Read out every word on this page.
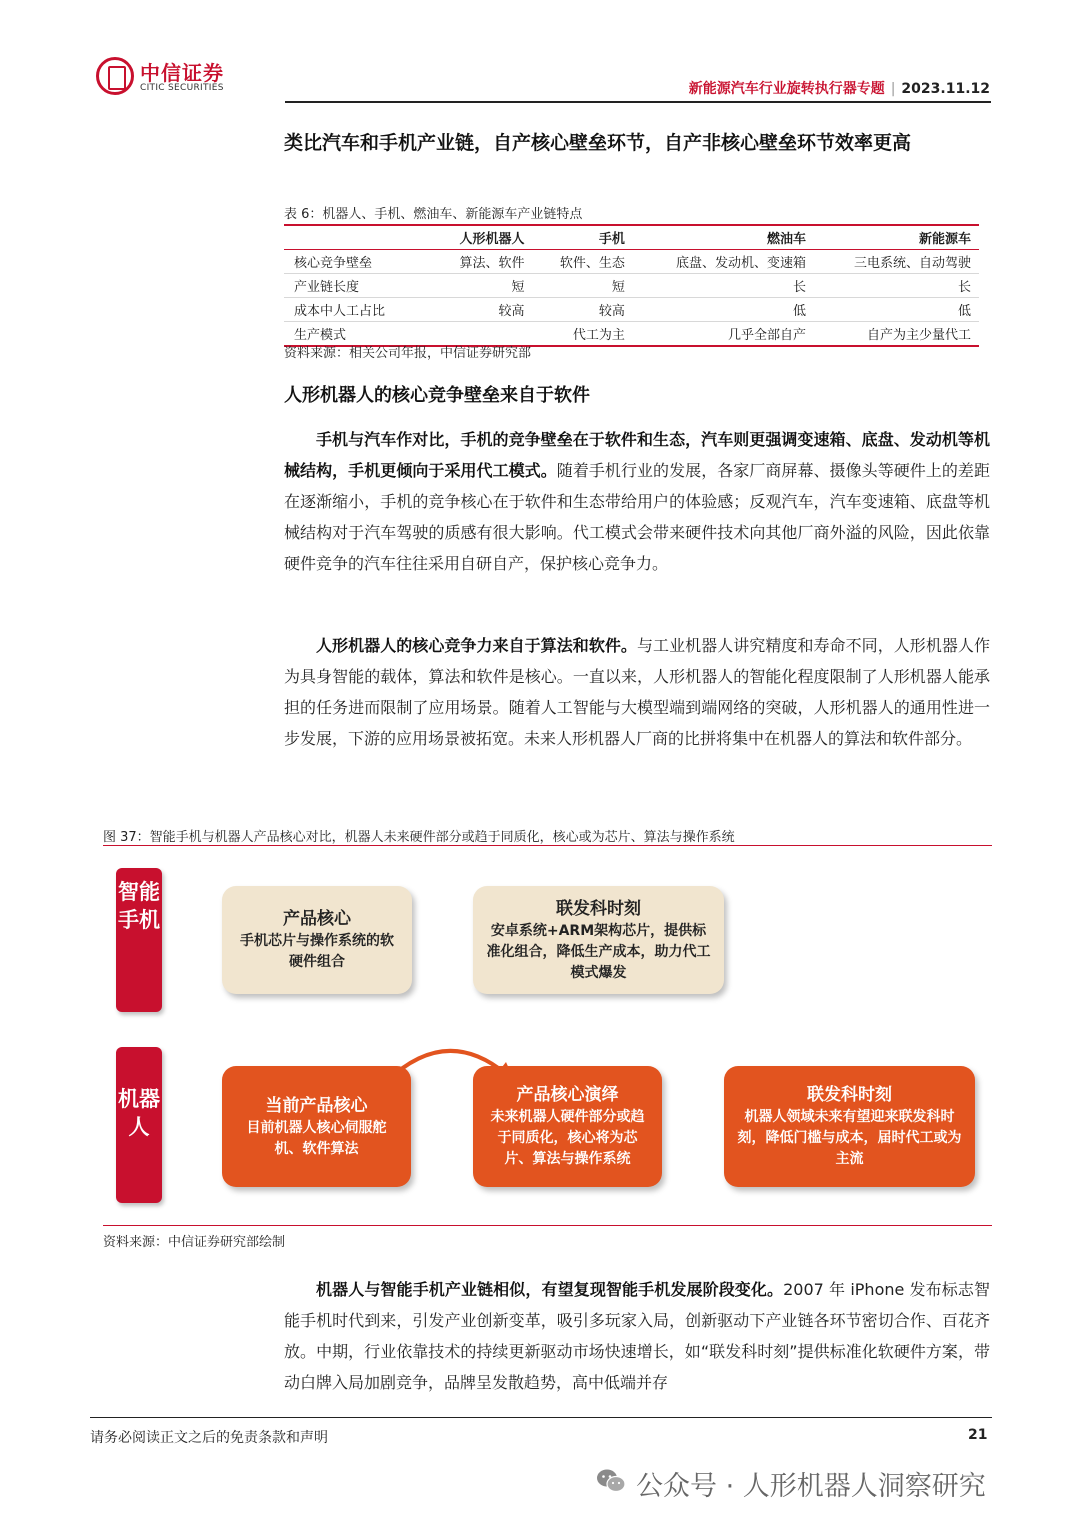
中信证券
CITIC SECURITIES	新能源汽车行业旋转执行器专题 | 2023.11.12
类比汽车和手机产业链，自产核心壁垒环节，自产非核心壁垒环节效率更高
表 6：机器人、手机、燃油车、新能源车产业链特点
	人形机器人	手机	燃油车	新能源车
核心竞争壁垒	算法、软件	软件、生态	底盘、发动机、变速箱	三电系统、自动驾驶
产业链长度	短	短	长	长
成本中人工占比	较高	较高	低	低
生产模式		代工为主	几乎全部自产	自产为主少量代工
资料来源：相关公司年报，中信证券研究部
人形机器人的核心竞争壁垒来自于软件
手机与汽车作对比，手机的竞争壁垒在于软件和生态，汽车则更强调变速箱、底盘、发动机等机械结构，手机更倾向于采用代工模式。随着手机行业的发展，各家厂商屏幕、摄像头等硬件上的差距在逐渐缩小，手机的竞争核心在于软件和生态带给用户的体验感；反观汽车，汽车变速箱、底盘等机械结构对于汽车驾驶的质感有很大影响。代工模式会带来硬件技术向其他厂商外溢的风险，因此依靠硬件竞争的汽车往往采用自研自产，保护核心竞争力。
人形机器人的核心竞争力来自于算法和软件。与工业机器人讲究精度和寿命不同，人形机器人作为具身智能的载体，算法和软件是核心。一直以来，人形机器人的智能化程度限制了人形机器人能承担的任务进而限制了应用场景。随着人工智能与大模型端到端网络的突破，人形机器人的通用性进一步发展，下游的应用场景被拓宽。未来人形机器人厂商的比拼将集中在机器人的算法和软件部分。
图 37：智能手机与机器人产品核心对比，机器人未来硬件部分或趋于同质化，核心或为芯片、算法与操作系统
智能手机
机器人
产品核心
手机芯片与操作系统的软硬件组合
联发科时刻
安卓系统+ARM架构芯片，提供标准化组合，降低生产成本，助力代工模式爆发
当前产品核心
目前机器人核心伺服舵机、软件算法
产品核心演绎
未来机器人硬件部分或趋于同质化，核心将为芯片、算法与操作系统
联发科时刻
机器人领域未来有望迎来联发科时刻，降低门槛与成本，届时代工或为主流
资料来源：中信证券研究部绘制
机器人与智能手机产业链相似，有望复现智能手机发展阶段变化。2007 年 iPhone 发布标志智能手机时代到来，引发产业创新变革，吸引多玩家入局，创新驱动下产业链各环节密切合作、百花齐放。中期，行业依靠技术的持续更新驱动市场快速增长，如“联发科时刻”提供标准化软硬件方案，带动白牌入局加剧竞争，品牌呈发散趋势，高中低端并存
请务必阅读正文之后的免责条款和声明	21
公众号 · 人形机器人洞察研究
